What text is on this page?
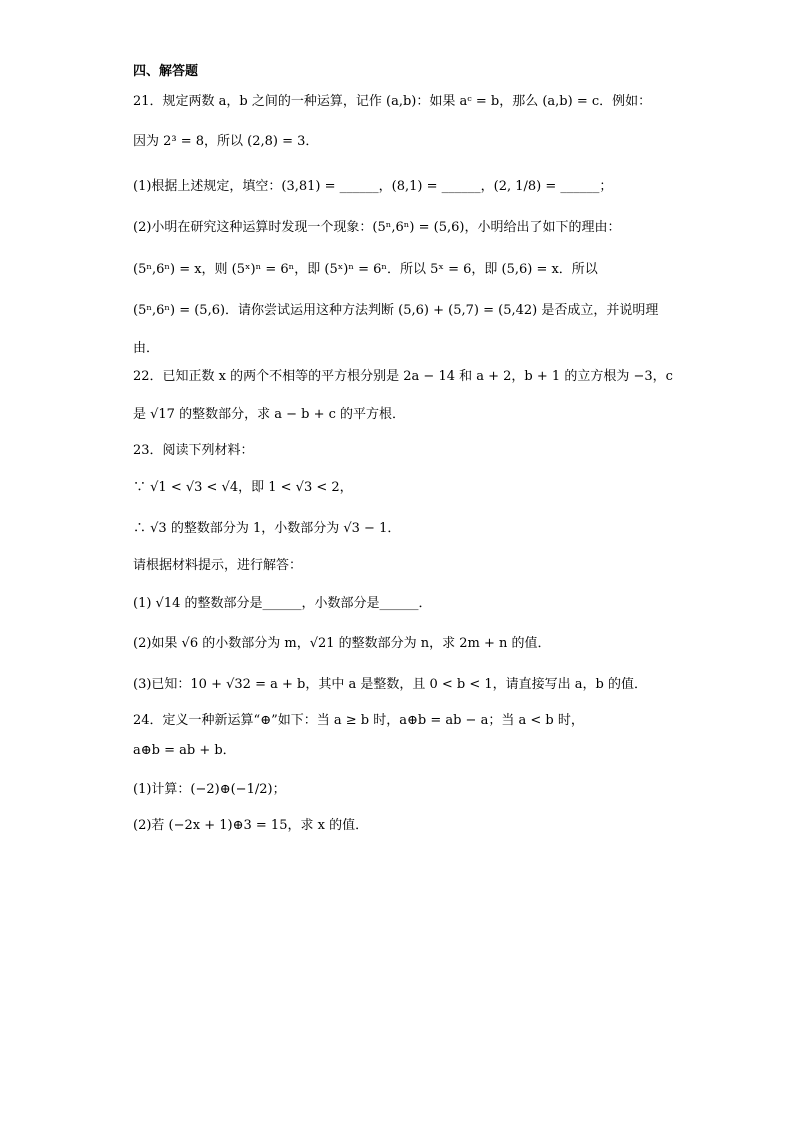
四、解答题
21．规定两数 a，b 之间的一种运算，记作 (a,b)：如果 aᶜ = b，那么 (a,b) = c．例如：
因为 2³ = 8，所以 (2,8) = 3．
(1)根据上述规定，填空：(3,81) = ______，(8,1) = ______，(2, 1/8) = ______；
(2)小明在研究这种运算时发现一个现象：(5ⁿ,6ⁿ) = (5,6)，小明给出了如下的理由：
(5ⁿ,6ⁿ) = x，则 (5ˣ)ⁿ = 6ⁿ，即 (5ˣ)ⁿ = 6ⁿ．所以 5ˣ = 6，即 (5,6) = x．所以
(5ⁿ,6ⁿ) = (5,6)．请你尝试运用这种方法判断 (5,6) + (5,7) = (5,42) 是否成立，并说明理
由．
22．已知正数 x 的两个不相等的平方根分别是 2a − 14 和 a + 2，b + 1 的立方根为 −3，c
是 √17 的整数部分，求 a − b + c 的平方根．
23．阅读下列材料：
∵ √1 < √3 < √4，即 1 < √3 < 2，
∴ √3 的整数部分为 1，小数部分为 √3 − 1．
请根据材料提示，进行解答：
(1) √14 的整数部分是______，小数部分是______．
(2)如果 √6 的小数部分为 m，√21 的整数部分为 n，求 2m + n 的值．
(3)已知：10 + √32 = a + b，其中 a 是整数，且 0 < b < 1，请直接写出 a，b 的值．
24．定义一种新运算“⊕”如下：当 a ≥ b 时，a⊕b = ab − a；当 a < b 时，
a⊕b = ab + b．
(1)计算：(−2)⊕(−1/2)；
(2)若 (−2x + 1)⊕3 = 15，求 x 的值．
